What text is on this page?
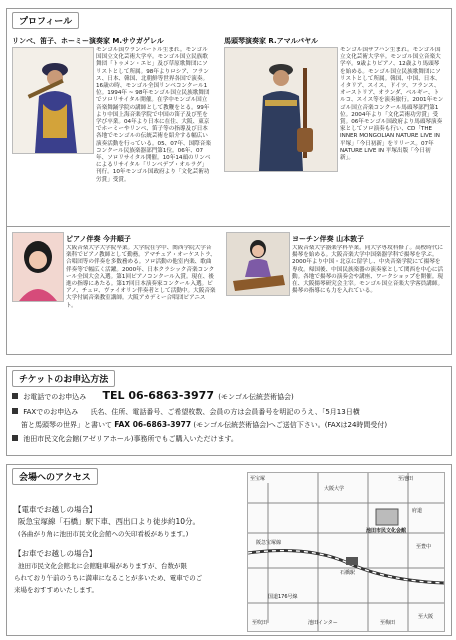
プロフィール
リンベ、笛子、ホーミー演奏家 M.サウガゲレル
モンゴル国ウランバートル生まれ。モンゴル国国立文化芸術大学卒。モンゴル国立民族歌舞団「トゥメン・エヒ」及び草原歌舞団にソリストとして所属。98年よりロシア、フランス、日本、韓国、北朝鮮等世界各国で演奏。16歳の時、モンゴル全国リンベコンクール1位。1994年 ~ 98年モンゴル国立民族歌舞団でソロリサイタル開催。在学中モンゴル国立音楽舞踊学院の講師として教鞭をとる。99年より中国上海音楽学院で中国の笛子及び笙を学び卒業。04年より日本に在住、大阪、東京でホーミーやリンベ、笛子等の指導及び日本各地でモンゴルの伝統芸術を紹介する幅広い演奏活動を行っている。05、07年、国際音楽コンクール民族楽器部門第1位。06年、07年、ソロリサイタル開催。10年14頭のリンベによるリサイタル「リンベデブ・オルラグ」刊行。10年モンゴル国政府より「文化芸術功労賞」受賞。
馬頭琴演奏家 R.アマルバヤル
モンゴル国ザブハン生まれ。モンゴル国立文化芸術大学卒。モンゴル国立音楽大学卒。9歳よりピアノ、12歳より馬頭琴を始める。モンゴル国立民族歌舞団にソリストとして所属。韓国、中国、日本、イタリア、スイス、ドイツ、フランス、オーストリア、オランダ、ベルギー、トルコ、スイス等を演奏旅行。2001年モンゴル国立音楽コンクール馬頭琴部門第1位。2004年より「文化芸術功労賞」受賞。06年モンゴル国政府より馬頭琴演奏家としてソロ演奏も行い、CD「THE INNER MONGOLIAN NATURE LIVE IN 平塚」「今日初新」をリリース。07年 NATURE LIVE IN 平塚出版「今日初新」。
ピアノ伴奏 今井順子
大阪音楽大学大学院卒業。大学院在学中、関西学院大学音楽科でピアノ教師として勤務。アマチュア・オーケストラ、合唱団等の伴奏を多数務める。ソロ活動の他室内楽、歌曲伴奏等で幅広く活躍。2000年、日本クラシック音楽コンクール全国大会入選。第1回ピアノコンクール入賞。現在、後進の指導にあたる。第17回日本演奏家コンクール入選。ピアノ、チェロ、ヴァイオリン伴奏者として活動中。大阪音楽大学付属音楽教室講師。大阪アカデミー合唱団ピアニスト。
ヨーチン伴奏 山本敦子
大阪音楽大学器楽学科卒業。同大学専攻科修了。高校時代に揚琴を始める。大阪音楽大学中国楽器学科で揚琴を学ぶ。2000年より中国・北京に留学し、中央音楽学院にて揚琴を専攻。帰国後、中国民族楽器の演奏家として関西を中心に活動。各地で揚琴の演奏会や講座、ワークショップを開催。現在、大阪揚琴研究会主宰。モンゴル国立音楽大学客員講師。揚琴の指導にも力を入れている。
チケットのお申込方法
お電話でのお申込み TEL 06-6863-3977 (モンゴル伝統芸術協会)
FAXでのお申込み 氏名、住所、電話番号、ご希望枚数、会員の方は会員番号を明記のうえ、「5月13日横
笛と馬頭琴の世界」と書いて FAX 06-6863-3977 (モンゴル伝統芸術協会)へご送信下さい。(FAXは24時間受付)
池田市民文化会館(アゼリアホール)事務所でもご購入いただけます。
会場へのアクセス
【電車でお越しの場合】
阪急宝塚線「石橋」駅下車、西出口より徒歩約10分。
(各曲がり角に池田市民文化会館への矢印看板があります。)
【お車でお越しの場合】
池田市民文化会館北に会館駐車場がありますが、台数が限
られており午前のうちに満車になることが多いため、電車でのご
来場をおすすめいたします。
至宝塚	至池田
至大阪
大阪大学
池田市民文化会館
石橋駅
阪急宝塚線
国道176号線
府道
池田インター
至吹田	至梅田
至豊中
